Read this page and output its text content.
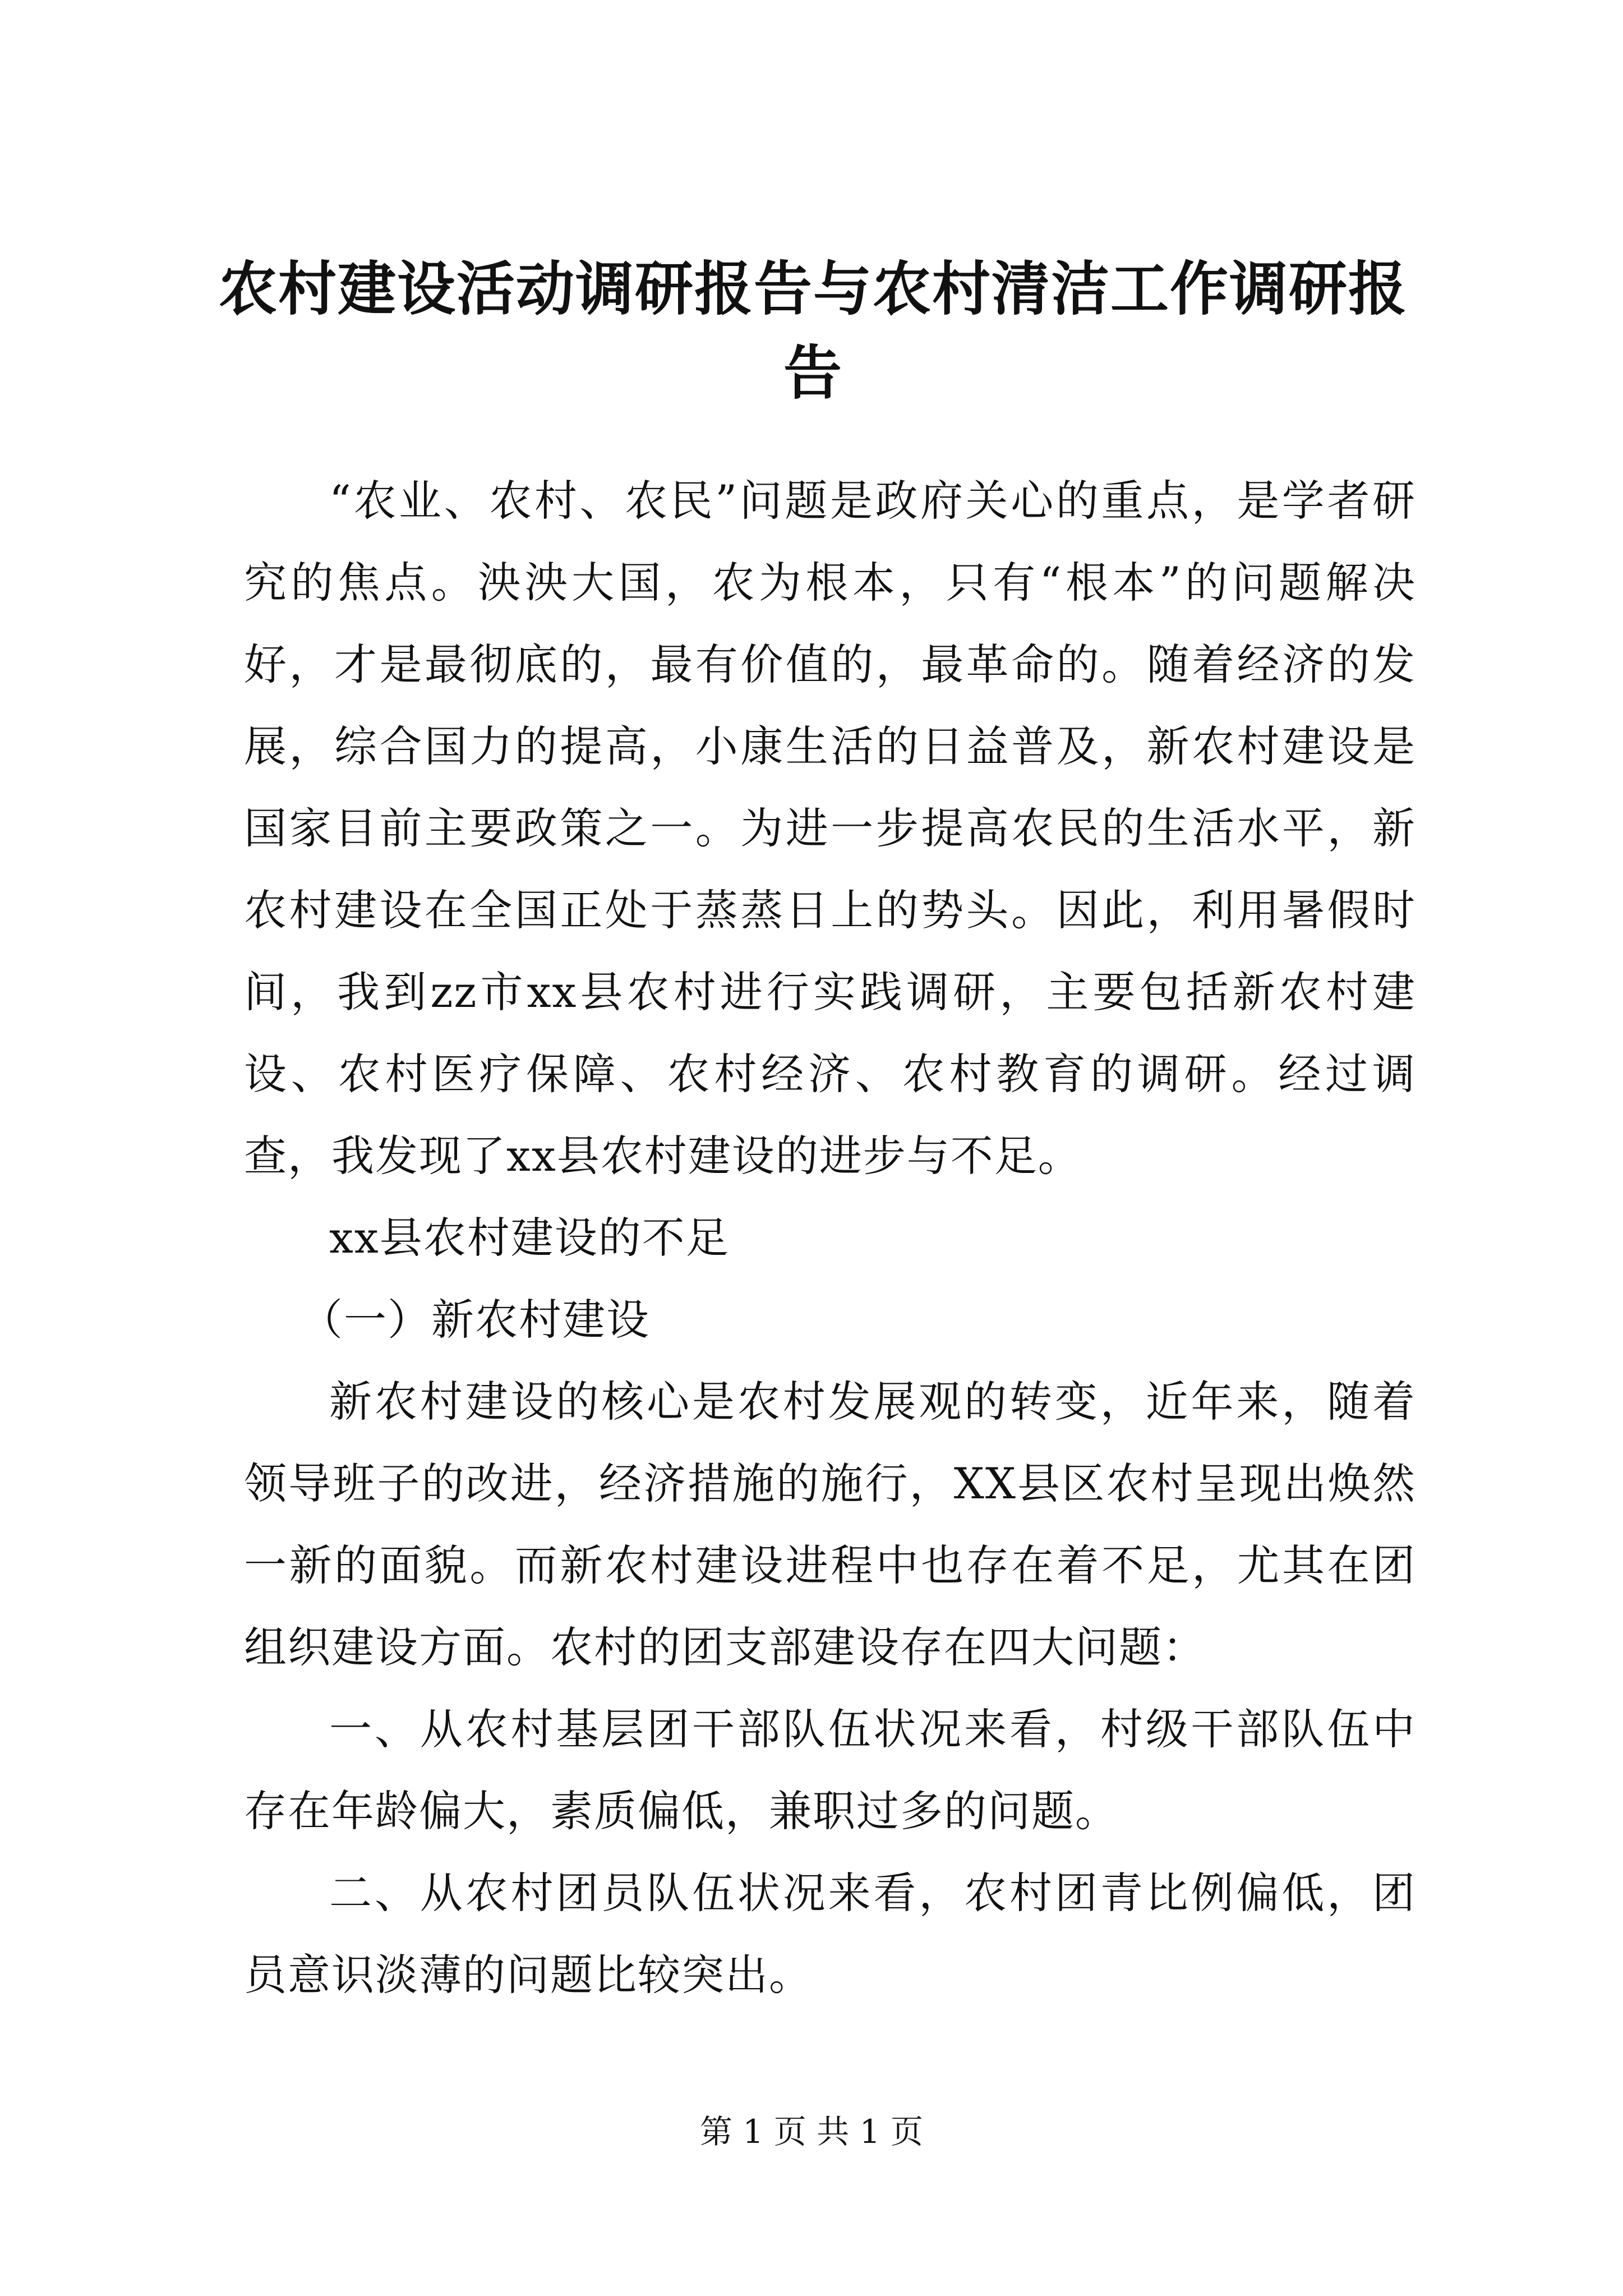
农村建设活动调研报告与农村清洁工作调研报告

“农业、农村、农民”问题是政府关心的重点，是学者研究的焦点。泱泱大国，农为根本，只有“根本”的问题解决好，才是最彻底的，最有价值的，最革命的。随着经济的发展，综合国力的提高，小康生活的日益普及，新农村建设是国家目前主要政策之一。为进一步提高农民的生活水平，新农村建设在全国正处于蒸蒸日上的势头。因此，利用暑假时间，我到zz市xx县农村进行实践调研，主要包括新农村建设、农村医疗保障、农村经济、农村教育的调研。经过调查，我发现了xx县农村建设的进步与不足。

xx县农村建设的不足

（一）新农村建设

新农村建设的核心是农村发展观的转变，近年来，随着领导班子的改进，经济措施的施行，XX县区农村呈现出焕然一新的面貌。而新农村建设进程中也存在着不足，尤其在团组织建设方面。农村的团支部建设存在四大问题：

一、从农村基层团干部队伍状况来看，村级干部队伍中存在年龄偏大，素质偏低，兼职过多的问题。

二、从农村团员队伍状况来看，农村团青比例偏低，团员意识淡薄的问题比较突出。

第 1 页 共 1 页
